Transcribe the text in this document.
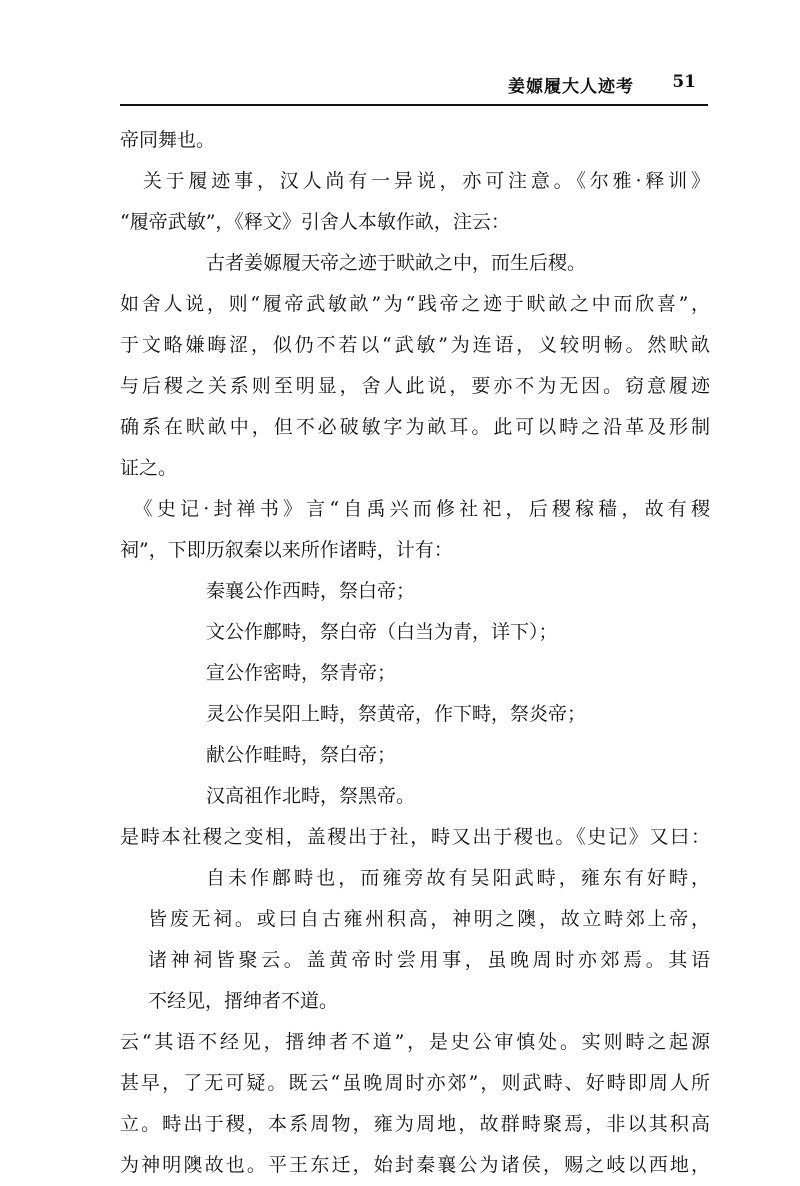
姜嫄履大人迹考 51
帝同舞也。
　关于履迹事，汉人尚有一异说，亦可注意。《尔雅·释训》
“履帝武敏”，《释文》引舍人本敏作畝，注云：
古者姜嫄履天帝之迹于畎畝之中，而生后稷。
如舍人说，则“履帝武敏畝”为“践帝之迹于畎畝之中而欣喜”，
于文略嫌晦涩，似仍不若以“武敏”为连语，义较明畅。然畎畝
与后稷之关系则至明显，舍人此说，要亦不为无因。窃意履迹
确系在畎畝中，但不必破敏字为畝耳。此可以畤之沿革及形制
证之。
　《史记·封禅书》言“自禹兴而修社祀，后稷稼穑，故有稷
祠”，下即历叙秦以来所作诸畤，计有：
秦襄公作西畤，祭白帝；
文公作鄜畤，祭白帝（白当为青，详下）；
宣公作密畤，祭青帝；
灵公作吴阳上畤，祭黄帝，作下畤，祭炎帝；
献公作畦畤，祭白帝；
汉高祖作北畤，祭黑帝。
是畤本社稷之变相，盖稷出于社，畤又出于稷也。《史记》又曰：
自未作鄜畤也，而雍旁故有吴阳武畤，雍东有好畤，
皆废无祠。或曰自古雍州积高，神明之隩，故立畤郊上帝，
诸神祠皆聚云。盖黄帝时尝用事，虽晚周时亦郊焉。其语
不经见，搢绅者不道。
云“其语不经见，搢绅者不道”，是史公审慎处。实则畤之起源
甚早，了无可疑。既云“虽晚周时亦郊”，则武畤、好畤即周人所
立。畤出于稷，本系周物，雍为周地，故群畤聚焉，非以其积高
为神明隩故也。平王东迁，始封秦襄公为诸侯，赐之岐以西地，
